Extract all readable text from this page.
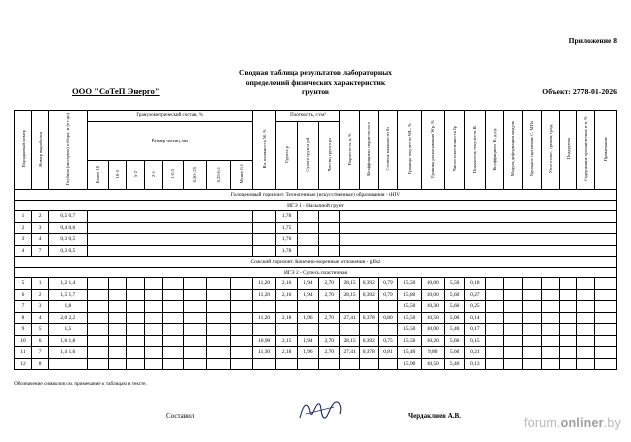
Приложение 8
Сводная таблица результатов лабораторных
определений физических характеристик
грунтов
ООО "СоТеП Энерго"	Объект: 2778-01-2026
Порядковый номер	Номер выработки	Глубина (интервал) отбора, м (от-до)	Гранулометрический состав, %								Вл. влажность W, %	Плотность, г/см³			Пористость n, %	Коэффициент пористости e	Степень влажности Sr	Граница текучести WL, %	Граница раскатывания Wp, %	Число пластичности Ip	Показатель текучести IL	Коэффициент К, д.ед.	Модуль деформации модуль	Удельное сцепление С, МПа	Угол относ. трения, град.	Подгруппа	Содержание органических в-в, %	Примечание
			Размер частиц, мм									Грунта p	Сухого грунта pd	Частиц грунта ps														
			Более 10	10-5	5-2	2-1	1-0,5	0,50-,25	0,25-0,1	Менее 0,1																		
Голоценовый горизонт. Техногенные (искусственные) образования - tHIV																												
ИГЭ 1 - Насыпной грунт																												
1	2	0,5 0,7										1,78																
2	3	0,4 0,6										1,75																
3	4	0,3 0,5										1,76																
4	7	0,3 0,5										1,78																
Сожский горизонт. Конечно-моренные отложения - gIIsz																												
ИГЭ 2 - Супесь пластичная																												
5	1	1,2 1,4									11,20	2,16	1,94	2,70	28,15	0,392	0,79	15,50	10,00	5,50	0,18							
6	2	1,5 1,7									11,20	2,16	1,94	2,70	28,15	0,392	0,79	15,80	10,00	5,60	0,27							
7	3	1,8																15,50	10,30	5,60	0,25							
8	4	2,0 2,2									11,20	2,18	1,96	2,70	27,41	0,378	0,80	15,50	10,50	5,00	0,14							
9	5	1,5																15,50	10,00	5,40	0,17							
10	6	1,6 1,8									10,90	2,15	1,94	2,70	28,15	0,392	0,75	15,50	10,20	5,60	0,15							
11	7	1,4 1,6									11,30	2,18	1,96	2,70	27,41	0,378	0,81	15,40	9,80	5,60	0,21							
12	8																	15,90	10,50	5,40	0,13							
Обозначение символов см. примечание к таблицам в тексте.
Составил	Чердаклиев А.В.	forum.onliner.by
